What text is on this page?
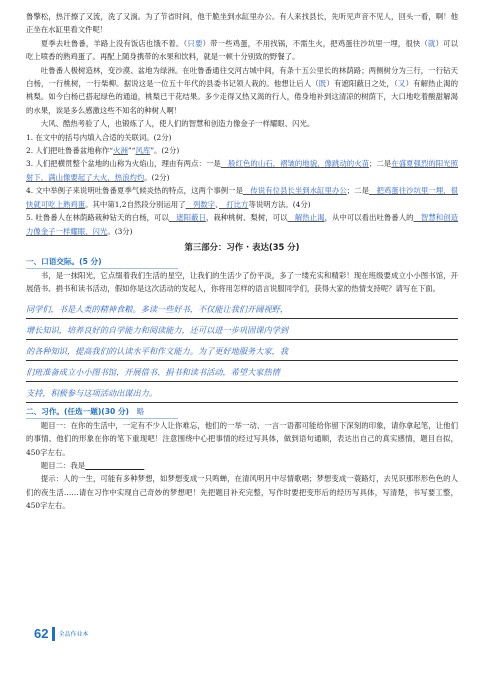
鲁擎松，热汗擦了又流，洗了又淌。为了节省时间，他干脆坐到水缸里办公。有人来找县长，先听见声音不见人，回头一看，啊！他正坐在水缸里看文件呢！

夏季去吐鲁番，羊路上没有饭店也饿不着。（只要）带一些鸡蛋，不用找锅，不需生火，把鸡蛋往沙坑里一埋，很快（就）可以吃上喷香的熟鸡蛋了。再配上随身携带的水果和饮料，就是一顿十分别致的野餐了。

吐鲁番人极树造林，变沙漠、盆地为绿洲。在吐鲁番通往交河古城中间，有条十五公里长的林荫路；两侧树分为三行，一行钻天白杨，一行桃树，一行柴柳。据说这是一位五十年代的县委书记领人栽的。他想让后人（既）有遮阳蔽日之处，（又）有解热止渴的桃梨。如今白杨已搭起绿色的通道，桃梨已干花结果。多少走得又热又渴的行人，倦身地补到这清凉的树荫下，大口地吃着酸甜解渴的水果，诶是多么感激这些不知名的种树人啊！

大风、酷热考验了人，也锻炼了人，使人们的智慧和创造力像金子一样耀眼、闪光。

1. 在文中的括号内填入合适的关联词。(2分)

2. 人们把吐鲁番盆地称作“火洲”“风库”。(2分)

3. 人们把横贯整个盆地的山称为火焰山，理由有两点：一是　般红色的山石，褶皱的地貌，像跳动的火苗；二是在盛夏强烈的阳光照射下，满山像要起了大火，热浪灼灼。(2分)

4. 文中举例子来说明吐鲁番夏季气候炎热的特点，这两个事例一是　传说有位县长坐到水缸里办公；二是　把鸡蛋往沙坑里一埋，很快就可吃上熟鸡蛋。其中第1,2自然段分别运用了　列数字、　打比方等说明方法。(4分)

5. 吐鲁番人在林荫路栽种钻天的白杨，可以　遮阳蔽日，栽种桃树、梨树，可以　解热止渴，从中可以看出吐鲁番人的　智慧和创造力像金子一样耀眼、闪光。(3分)

第三部分：习作 · 表达(35 分)
一、口语交际。(5 分)

书，是一抹阳光，它点缀着我们生活的星空，让我们的生活少了份平淡，多了一缕充实和精彩！现在班级要成立小小图书馆，开展借书、捐书和读书活动，假如你是这次活动的发起人，你将用怎样的语言说服同学们，获得大家的热情支持呢？请写在下面。

同学们，书是人类的精神食粮。多读一些好书，不仅能让我们开阔视野，
增长知识，培养良好的自学能力和阅读能力，还可以进一步巩固课内学到
的各种知识，提高我们的认读水平和作文能力。为了更好地服务大家，我
们班准备成立小小图书馆，开展借书、捐书和读书活动，希望大家热情
支持，积极参与这项活动出谋出力。
二、习作。(任选一题)(30 分)　 略

题目一：在你的生活中，一定有不少人让你难忘，他们的一举一动、一言一语都可能给你留下深刻的印象，请你拿起笔，让他们的事情、他们的形象在你的笔下重现吧！注意围绕中心把事情的经过写具体，做到语句通顺，表达出自己的真实感情，题目自拟，450字左右。

题目二：我是　　　　　　　　

提示：人的一生，可能有多种梦想，如梦想变成一只鸣蝉，在清风明月中尽情歌唱；梦想变成一蓑路灯，去见识那形形色色的人们的夜生活……请在习作中实现自己奇妙的梦想吧！先把题目补充完整，写作时要把变形后的经历写具体，写清楚，书写要工整，450字左右。

62 全品作业本
